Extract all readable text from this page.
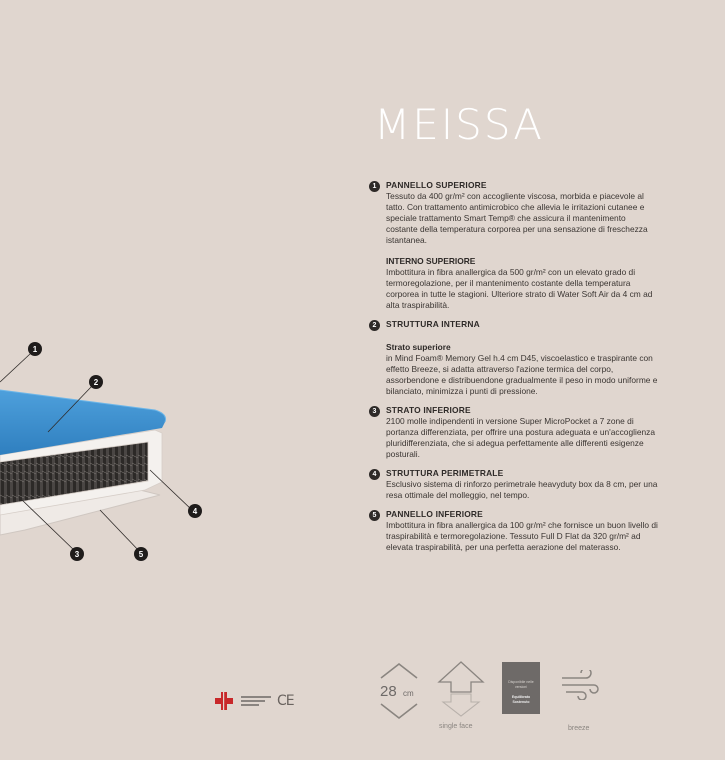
1
2
3
4
5
MEISSA
1	PANNELLO SUPERIORE

Tessuto da 400 gr/m² con accogliente viscosa, morbida e piacevole al tatto. Con trattamento antimicrobico che allevia le irritazioni cutanee e speciale trattamento Smart Temp® che assicura il mantenimento costante della temperatura corporea per una sensazione di freschezza istantanea.

INTERNO SUPERIORE

Imbottitura in fibra anallergica da 500 gr/m² con un elevato grado di termoregolazione, per il mantenimento costante della temperatura corporea in tutte le stagioni. Ulteriore strato di Water Soft Air da 4 cm ad alta traspirabilità.

2	STRUTTURA INTERNA
Strato superiore

in Mind Foam® Memory Gel h.4 cm D45, viscoelastico e traspirante con effetto Breeze, si adatta attraverso l'azione termica del corpo, assorbendone e distribuendone gradualmente il peso in modo uniforme e bilanciato, minimizza i punti di pressione.

3	STRATO INFERIORE

2100 molle indipendenti in versione Super MicroPocket a 7 zone di portanza differenziata, per offrire una postura adeguata e un'accoglienza pluridifferenziata, che si adegua perfettamente alle differenti esigenze posturali.

4	STRUTTURA PERIMETRALE

Esclusivo sistema di rinforzo perimetrale heavyduty box da 8 cm, per una resa ottimale del molleggio, nel tempo.

5	PANNELLO INFERIORE

Imbottitura in fibra anallergica da 100 gr/m² che fornisce un buon livello di traspirabilità e termoregolazione. Tessuto Full D Flat da 320 gr/m² ad elevata traspirabilità, per una perfetta aerazione del materasso.

CE
28 cm
single face
Disponibile nelle versioni
Equilibrato
Sostenuto
breeze
